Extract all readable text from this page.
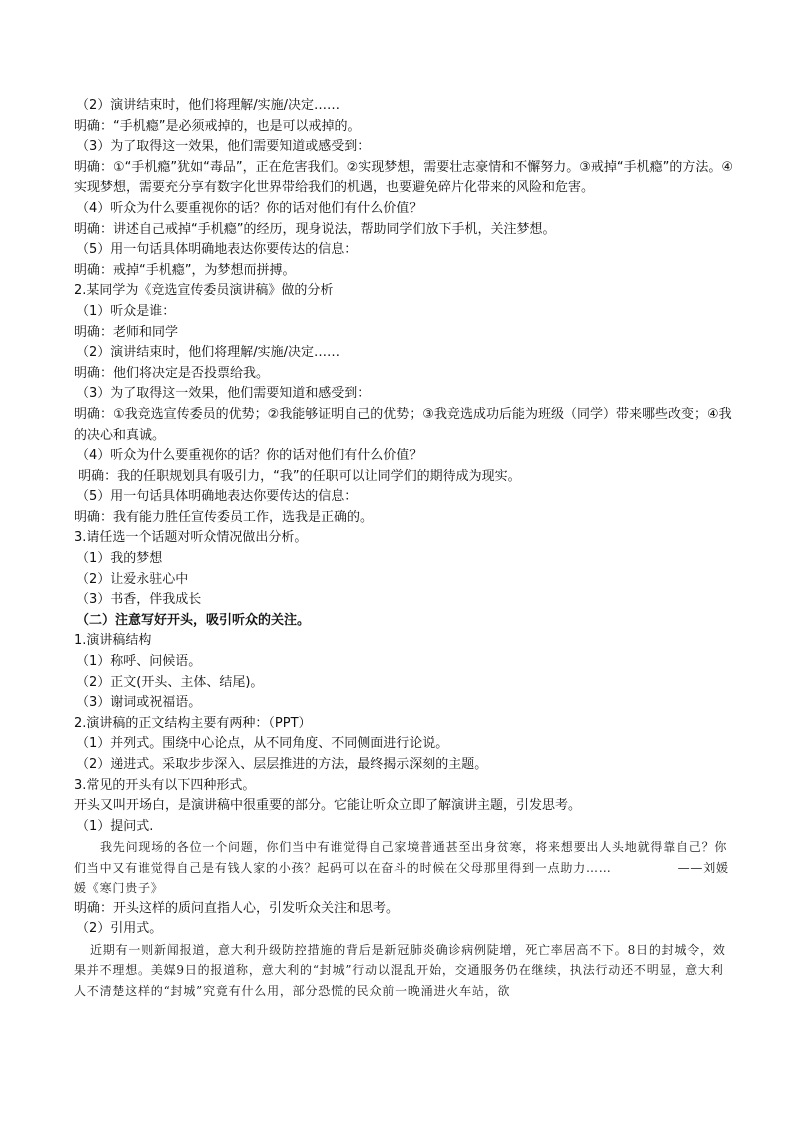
（2）演讲结束时，他们将理解/实施/决定……
明确：“手机瘾”是必须戒掉的，也是可以戒掉的。
（3）为了取得这一效果，他们需要知道或感受到：
明确：①“手机瘾”犹如“毒品”，正在危害我们。②实现梦想，需要壮志豪情和不懈努力。③戒掉“手机瘾”的方法。④实现梦想，需要充分享有数字化世界带给我们的机遇，也要避免碎片化带来的风险和危害。
（4）听众为什么要重视你的话？你的话对他们有什么价值？
明确：讲述自己戒掉“手机瘾”的经历，现身说法，帮助同学们放下手机，关注梦想。
（5）用一句话具体明确地表达你要传达的信息：
明确：戒掉“手机瘾”，为梦想而拼搏。
2.某同学为《竞选宣传委员演讲稿》做的分析
（1）听众是谁：
明确：老师和同学
（2）演讲结束时，他们将理解/实施/决定……
明确：他们将决定是否投票给我。
（3）为了取得这一效果，他们需要知道和感受到：
明确：①我竞选宣传委员的优势；②我能够证明自己的优势；③我竞选成功后能为班级（同学）带来哪些改变；④我的决心和真诚。
（4）听众为什么要重视你的话？你的话对他们有什么价值？
明确：我的任职规划具有吸引力，“我”的任职可以让同学们的期待成为现实。
（5）用一句话具体明确地表达你要传达的信息：
明确：我有能力胜任宣传委员工作，选我是正确的。
3.请任选一个话题对听众情况做出分析。
（1）我的梦想
（2）让爱永驻心中
（3）书香，伴我成长
（二）注意写好开头，吸引听众的关注。
1.演讲稿结构
（1）称呼、问候语。
（2）正文(开头、主体、结尾)。
（3）谢词或祝福语。
2.演讲稿的正文结构主要有两种：（PPT）
（1）并列式。围绕中心论点，从不同角度、不同侧面进行论说。
（2）递进式。采取步步深入、层层推进的方法，最终揭示深刻的主题。
3.常见的开头有以下四种形式。
开头又叫开场白，是演讲稿中很重要的部分。它能让听众立即了解演讲主题，引发思考。
（1）提问式.
我先问现场的各位一个问题，你们当中有谁觉得自己家境普通甚至出身贫寒，将来想要出人头地就得靠自己？你们当中又有谁觉得自己是有钱人家的小孩？起码可以在奋斗的时候在父母那里得到一点助力……	——刘媛媛《寒门贵子》
明确：开头这样的质问直指人心，引发听众关注和思考。
（2）引用式。
近期有一则新闻报道，意大利升级防控措施的背后是新冠肺炎确诊病例陡增，死亡率居高不下。8日的封城令，效果并不理想。美媒9日的报道称，意大利的“封城”行动以混乱开始，交通服务仍在继续，执法行动还不明显，意大利人不清楚这样的“封城”究竟有什么用，部分恐慌的民众前一晚涌进火车站，欲
